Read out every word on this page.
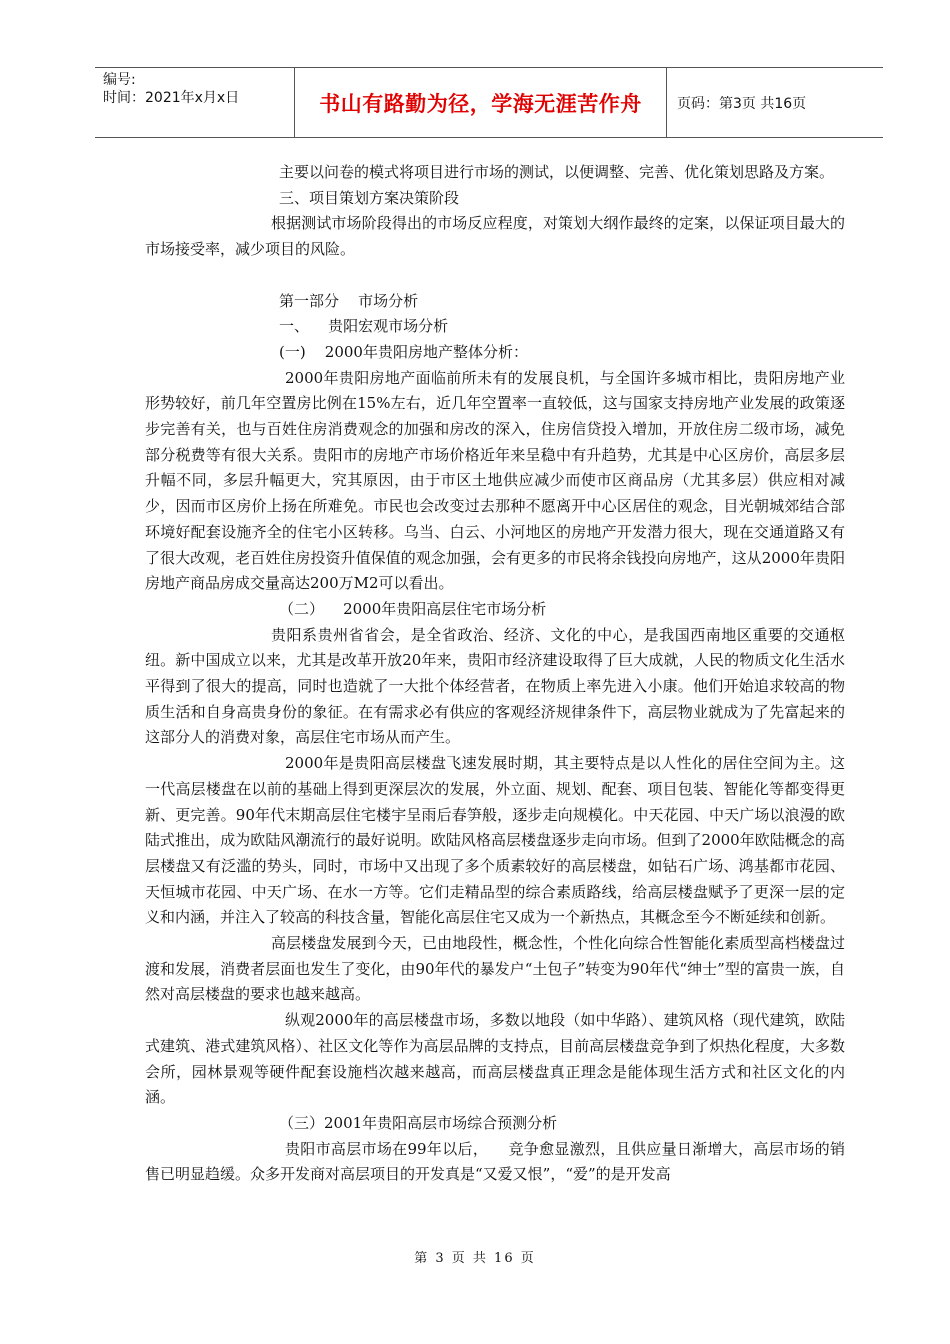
编号:
时间：2021年x月x日	书山有路勤为径，学海无涯苦作舟	页码：第3页 共16页

主要以问卷的模式将项目进行市场的测试，以便调整、完善、优化策划思路及方案。

三、项目策划方案决策阶段

根据测试市场阶段得出的市场反应程度，对策划大纲作最终的定案，以保证项目最大的市场接受率，减少项目的风险。

第一部分    市场分析

一、    贵阳宏观市场分析

(一)    2000年贵阳房地产整体分析：

2000年贵阳房地产面临前所未有的发展良机，与全国许多城市相比，贵阳房地产业形势较好，前几年空置房比例在15%左右，近几年空置率一直较低，这与国家支持房地产业发展的政策逐步完善有关，也与百姓住房消费观念的加强和房改的深入，住房信贷投入增加，开放住房二级市场，减免部分税费等有很大关系。贵阳市的房地产市场价格近年来呈稳中有升趋势，尤其是中心区房价，高层多层升幅不同，多层升幅更大，究其原因，由于市区土地供应减少而使市区商品房（尤其多层）供应相对减少，因而市区房价上扬在所难免。市民也会改变过去那种不愿离开中心区居住的观念，目光朝城郊结合部环境好配套设施齐全的住宅小区转移。乌当、白云、小河地区的房地产开发潜力很大，现在交通道路又有了很大改观，老百姓住房投资升值保值的观念加强，会有更多的市民将余钱投向房地产，这从2000年贵阳房地产商品房成交量高达200万M2可以看出。

（二）    2000年贵阳高层住宅市场分析

贵阳系贵州省省会，是全省政治、经济、文化的中心，是我国西南地区重要的交通枢纽。新中国成立以来，尤其是改革开放20年来，贵阳市经济建设取得了巨大成就，人民的物质文化生活水平得到了很大的提高，同时也造就了一大批个体经营者，在物质上率先进入小康。他们开始追求较高的物质生活和自身高贵身份的象征。在有需求必有供应的客观经济规律条件下，高层物业就成为了先富起来的这部分人的消费对象，高层住宅市场从而产生。

2000年是贵阳高层楼盘飞速发展时期，其主要特点是以人性化的居住空间为主。这一代高层楼盘在以前的基础上得到更深层次的发展，外立面、规划、配套、项目包装、智能化等都变得更新、更完善。90年代末期高层住宅楼宇呈雨后春笋般，逐步走向规模化。中天花园、中天广场以浪漫的欧陆式推出，成为欧陆风潮流行的最好说明。欧陆风格高层楼盘逐步走向市场。但到了2000年欧陆概念的高层楼盘又有泛滥的势头，同时，市场中又出现了多个质素较好的高层楼盘，如钻石广场、鸿基都市花园、天恒城市花园、中天广场、在水一方等。它们走精品型的综合素质路线，给高层楼盘赋予了更深一层的定义和内涵，并注入了较高的科技含量，智能化高层住宅又成为一个新热点，其概念至今不断延续和创新。

高层楼盘发展到今天，已由地段性，概念性，个性化向综合性智能化素质型高档楼盘过渡和发展，消费者层面也发生了变化，由90年代的暴发户“土包子”转变为90年代“绅士”型的富贵一族，自然对高层楼盘的要求也越来越高。

纵观2000年的高层楼盘市场，多数以地段（如中华路）、建筑风格（现代建筑，欧陆式建筑、港式建筑风格）、社区文化等作为高层品牌的支持点，目前高层楼盘竞争到了炽热化程度，大多数会所，园林景观等硬件配套设施档次越来越高，而高层楼盘真正理念是能体现生活方式和社区文化的内涵。

（三）2001年贵阳高层市场综合预测分析

贵阳市高层市场在99年以后，    竞争愈显激烈，且供应量日渐增大，高层市场的销售已明显趋缓。众多开发商对高层项目的开发真是“又爱又恨”，“爱”的是开发高

第 3 页 共 16 页
